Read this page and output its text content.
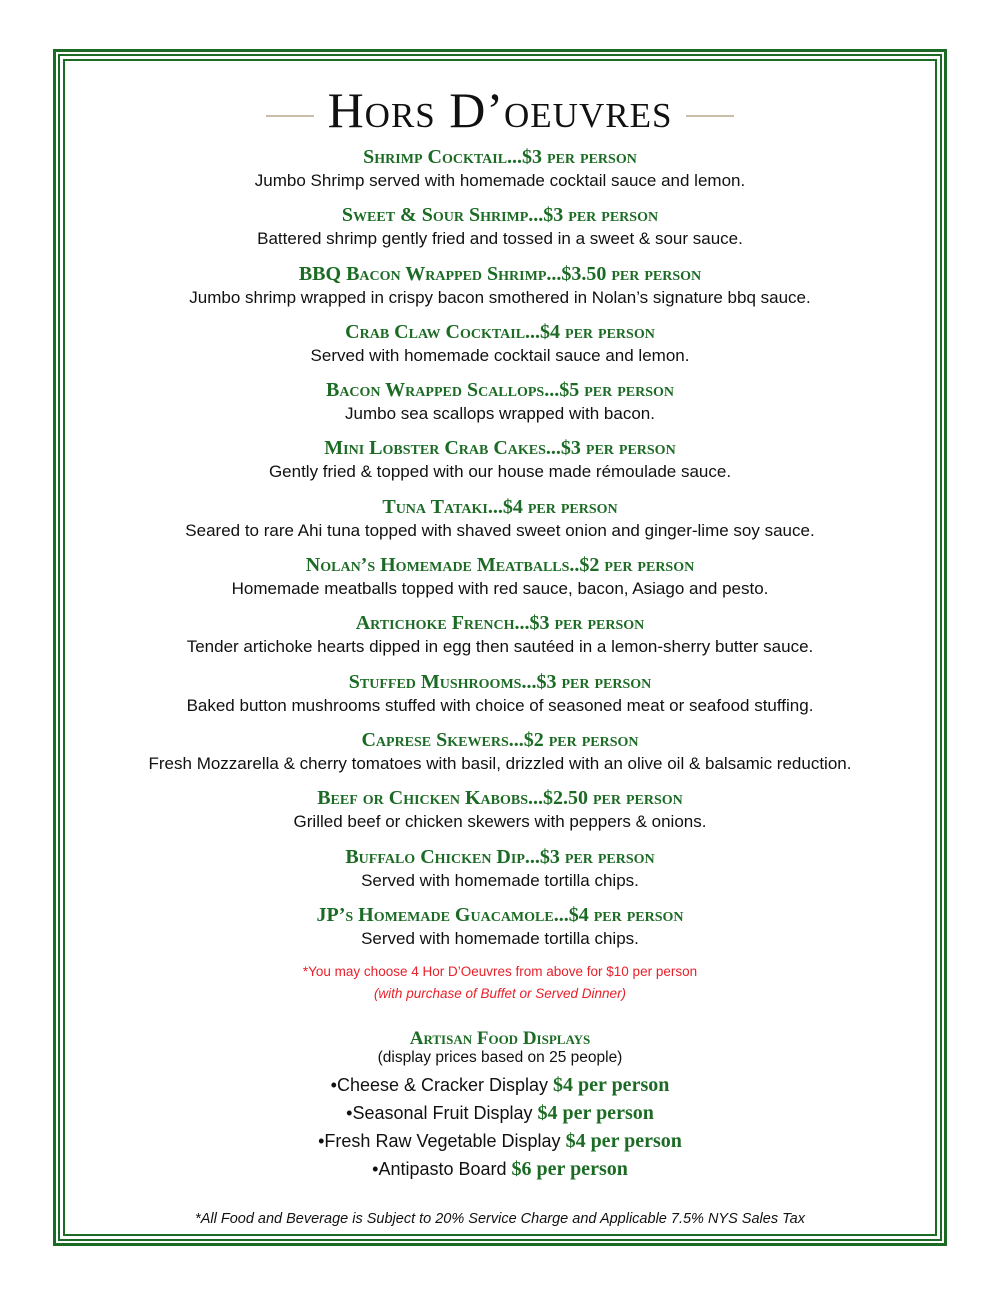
Hors D’oeuvres
Shrimp Cocktail...$3 per person
Jumbo Shrimp served with homemade cocktail sauce and lemon.
Sweet & Sour Shrimp...$3 per person
Battered shrimp gently fried and tossed in a sweet & sour sauce.
BBQ Bacon Wrapped Shrimp...$3.50 per person
Jumbo shrimp wrapped in crispy bacon smothered in Nolan’s signature bbq sauce.
Crab Claw Cocktail...$4 per person
Served with homemade cocktail sauce and lemon.
Bacon Wrapped Scallops...$5 per person
Jumbo sea scallops wrapped with bacon.
Mini Lobster Crab Cakes...$3 per person
Gently fried & topped with our house made rémoulade sauce.
Tuna Tataki...$4 per person
Seared to rare Ahi tuna topped with shaved sweet onion and ginger-lime soy sauce.
Nolan’s Homemade Meatballs..$2 per person
Homemade meatballs topped with red sauce, bacon, Asiago and pesto.
Artichoke French...$3 per person
Tender artichoke hearts dipped in egg then sautéed in a lemon-sherry butter sauce.
Stuffed Mushrooms...$3 per person
Baked button mushrooms stuffed with choice of seasoned meat or seafood stuffing.
Caprese Skewers...$2 per person
Fresh Mozzarella & cherry tomatoes with basil, drizzled with an olive oil & balsamic reduction.
Beef or Chicken Kabobs...$2.50 per person
Grilled beef or chicken skewers with peppers & onions.
Buffalo Chicken Dip...$3 per person
Served with homemade tortilla chips.
JP’s Homemade Guacamole...$4 per person
Served with homemade tortilla chips.
*You may choose 4 Hor D’Oeuvres from above for $10 per person
(with purchase of Buffet or Served Dinner)
Artisan Food Displays
(display prices based on 25 people)
•Cheese & Cracker Display $4 per person
•Seasonal Fruit Display $4 per person
•Fresh Raw Vegetable Display $4 per person
•Antipasto Board $6 per person
*All Food and Beverage is Subject to 20% Service Charge and Applicable 7.5% NYS Sales Tax
